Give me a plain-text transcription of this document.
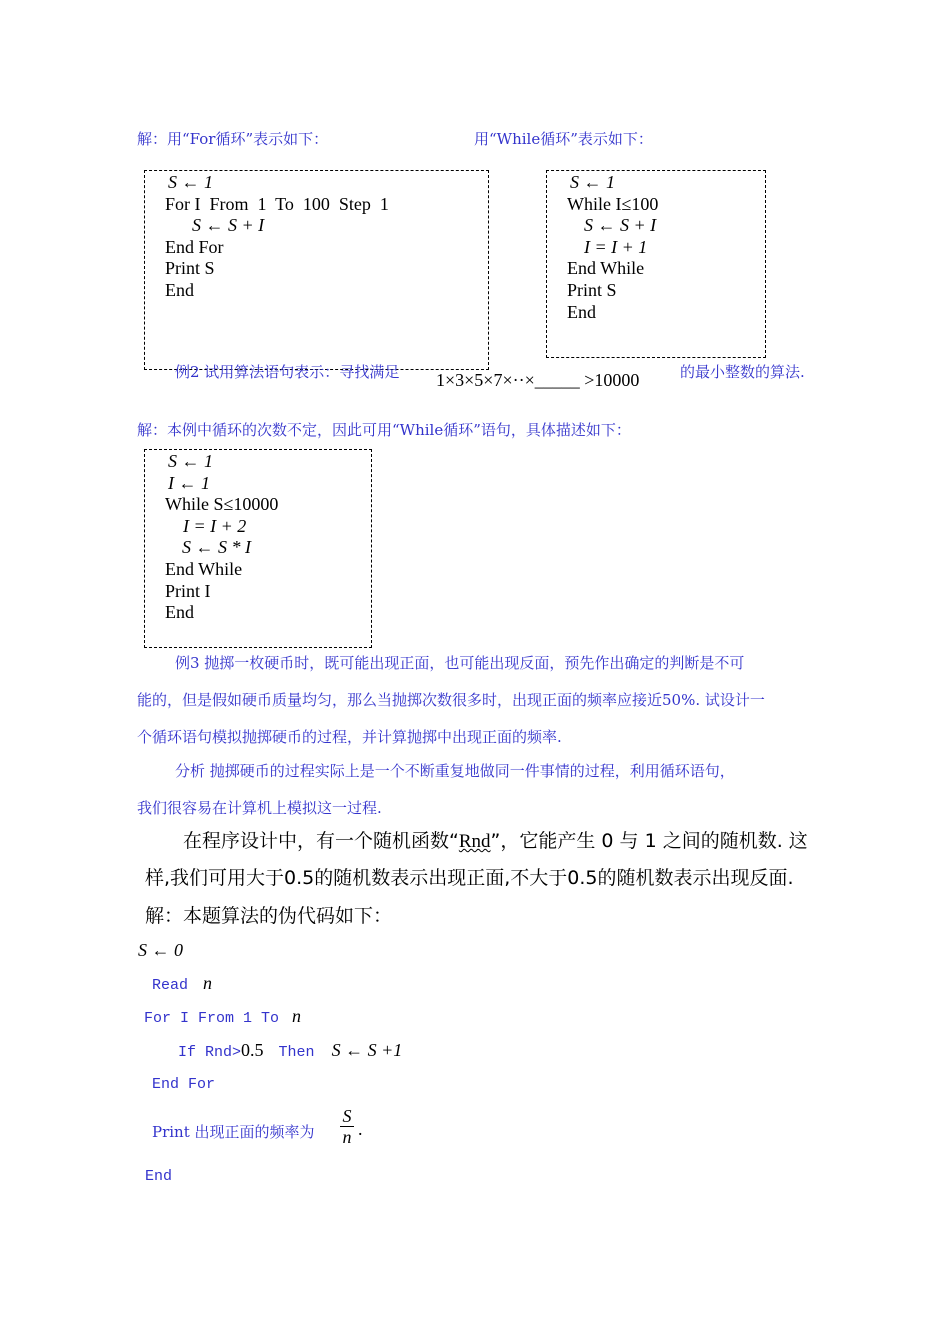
解：用“For循环”表示如下：	用“While循环”表示如下：
S ← 1
For I  From  1  To  100  Step  1
S ← S + I
End For
Print S
End
S ← 1
While I≤100
S ← S + I
I = I + 1
End While
Print S
End
例2 试用算法语句表示：寻找满足 1×3×5×7×··×_____ >10000	的最小整数的算法.
解：本例中循环的次数不定，因此可用“While循环”语句，具体描述如下：
S ← 1
I ← 1
While S≤10000
I = I + 2
S ← S * I
End While
Print I
End
例3 抛掷一枚硬币时，既可能出现正面，也可能出现反面，预先作出确定的判断是不可
能的，但是假如硬币质量均匀，那么当抛掷次数很多时，出现正面的频率应接近50%. 试设计一
个循环语句模拟抛掷硬币的过程，并计算抛掷中出现正面的频率.
分析 抛掷硬币的过程实际上是一个不断重复地做同一件事情的过程，利用循环语句，
我们很容易在计算机上模拟这一过程.
在程序设计中，有一个随机函数“Rnd”，它能产生 0 与 1 之间的随机数. 这
样,我们可用大于0.5的随机数表示出现正面,不大于0.5的随机数表示出现反面.
解：本题算法的伪代码如下：
S ← 0
Read n
For I From 1 To n
If Rnd>0.5 Then S ← S +1
End For
Print 出现正面的频率为
S
n .
End
